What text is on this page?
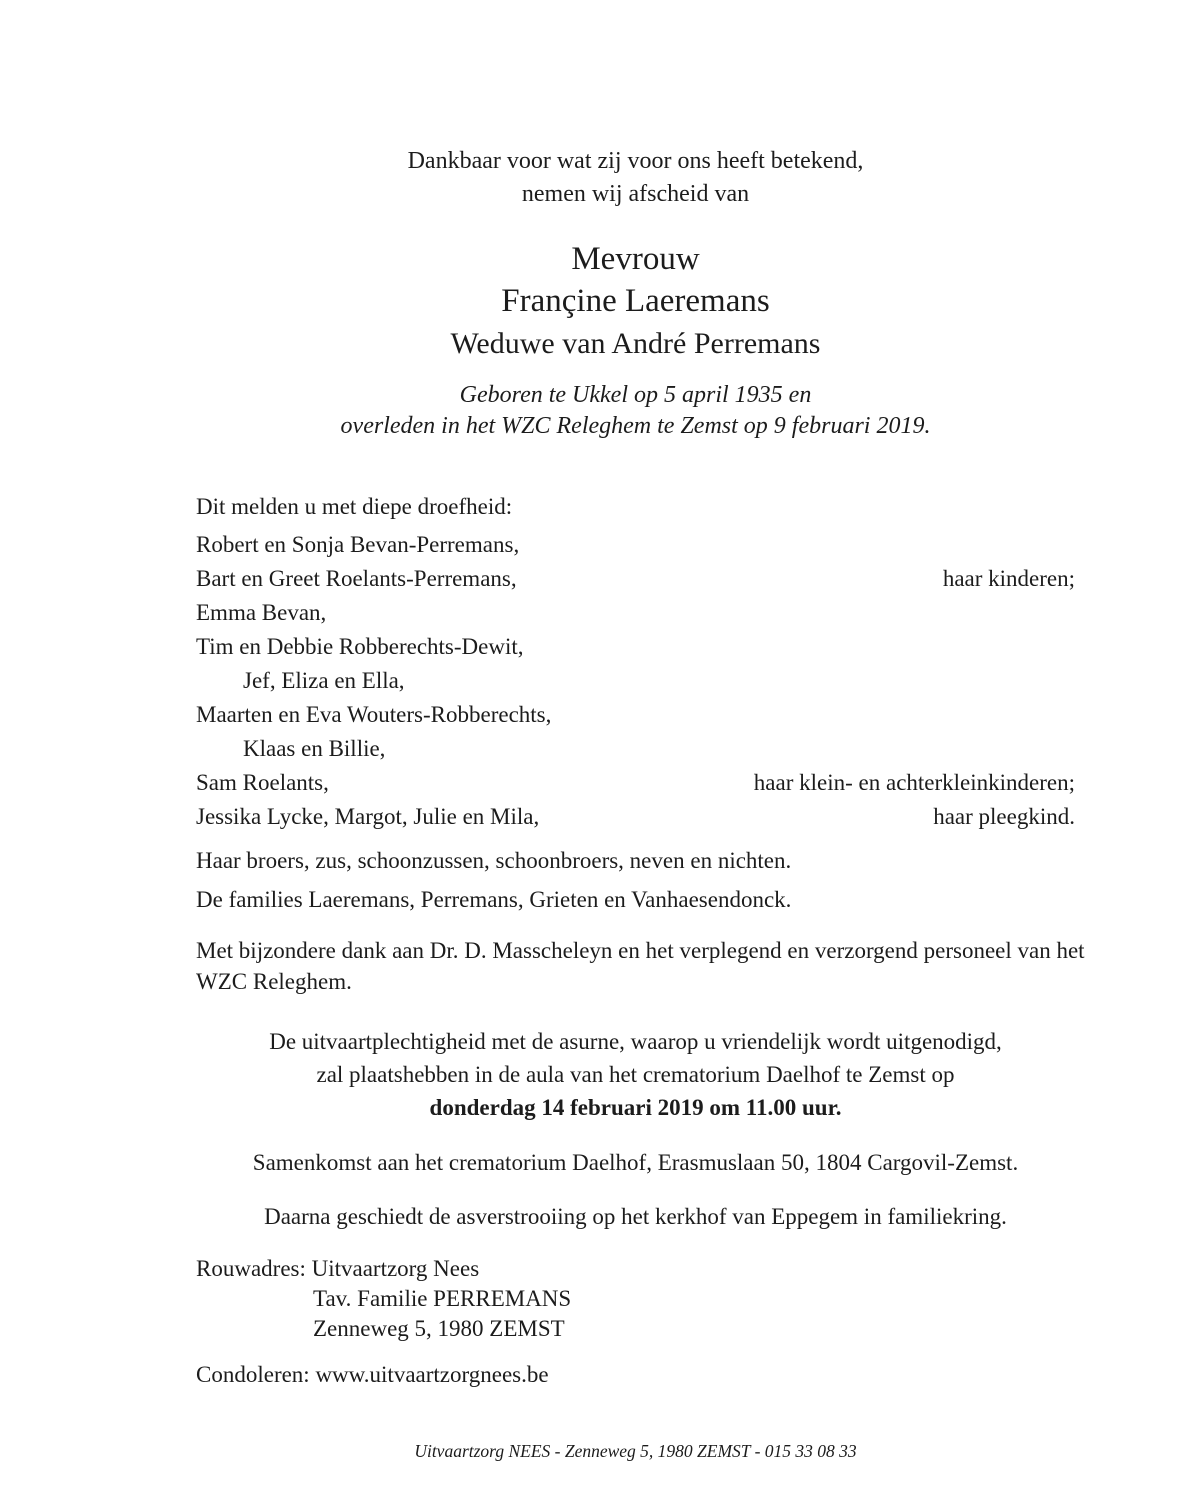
Dankbaar voor wat zij voor ons heeft betekend,

nemen wij afscheid van

Mevrouw
Françine Laeremans
Weduwe van André Perremans

Geboren te Ukkel op 5 april 1935 en

overleden in het WZC Releghem te Zemst op 9 februari 2019.

Dit melden u met diepe droefheid:

Robert en Sonja Bevan-Perremans,
Bart en Greet Roelants-Perremans,	haar kinderen;
Emma Bevan,
Tim en Debbie Robberechts-Dewit,
Jef, Eliza en Ella,
Maarten en Eva Wouters-Robberechts,
Klaas en Billie,
Sam Roelants,	haar klein- en achterkleinkinderen;
Jessika Lycke, Margot, Julie en Mila,	haar pleegkind.

Haar broers, zus, schoonzussen, schoonbroers, neven en nichten.

De families Laeremans, Perremans, Grieten en Vanhaesendonck.

Met bijzondere dank aan Dr. D. Masscheleyn en het verplegend en verzorgend personeel van het WZC Releghem.

De uitvaartplechtigheid met de asurne, waarop u vriendelijk wordt uitgenodigd,

zal plaatshebben in de aula van het crematorium Daelhof te Zemst op

donderdag 14 februari 2019 om 11.00 uur.

Samenkomst aan het crematorium Daelhof, Erasmuslaan 50, 1804 Cargovil-Zemst.

Daarna geschiedt de asverstrooiing op het kerkhof van Eppegem in familiekring.

Rouwadres: Uitvaartzorg Nees

Tav. Familie PERREMANS

Zenneweg 5, 1980 ZEMST

Condoleren: www.uitvaartzorgnees.be

Uitvaartzorg NEES - Zenneweg 5, 1980 ZEMST - 015 33 08 33
